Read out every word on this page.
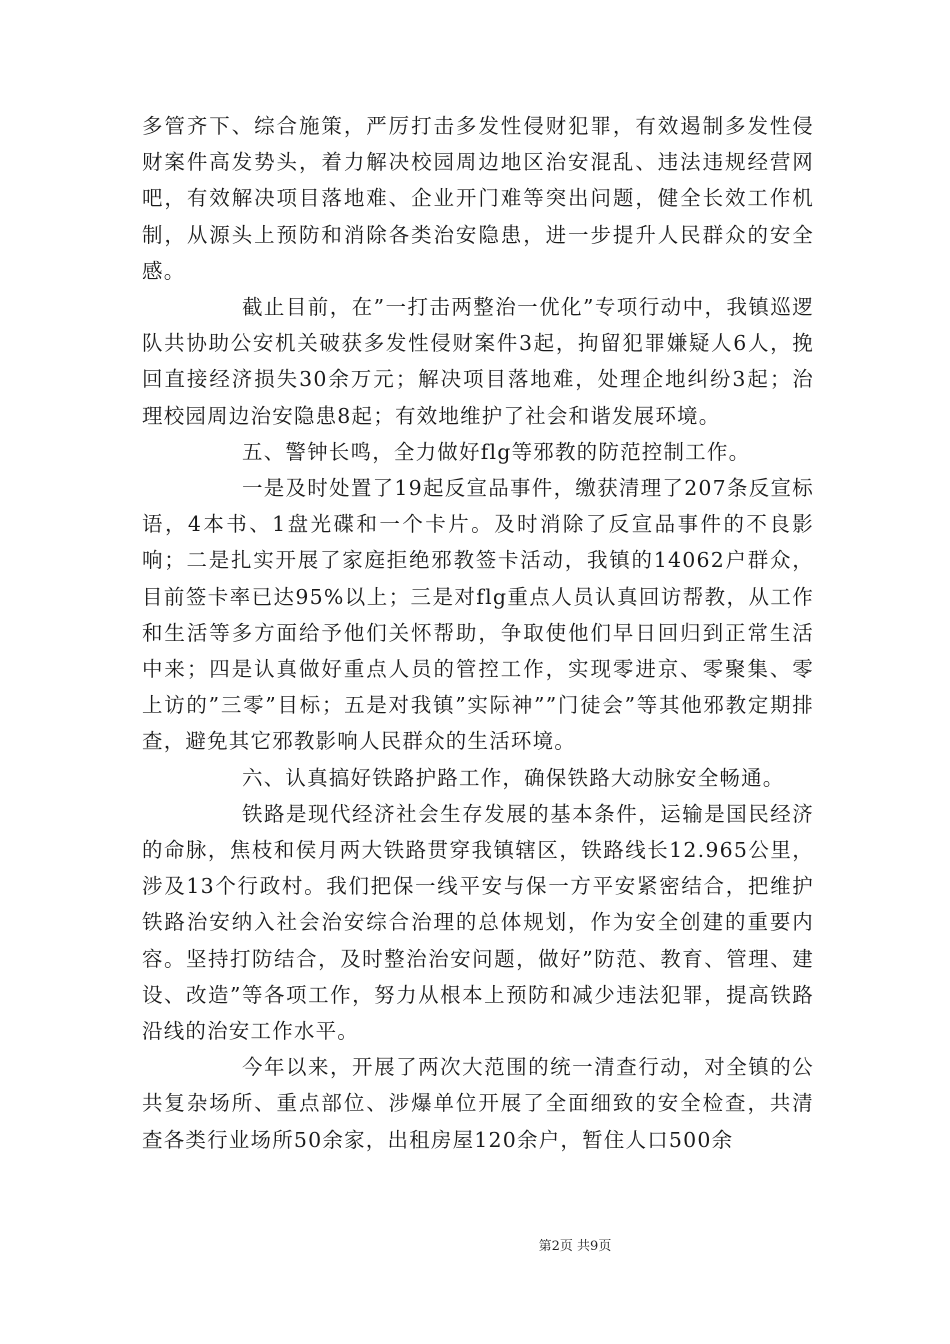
多管齐下、综合施策，严厉打击多发性侵财犯罪，有效遏制多发性侵财案件高发势头，着力解决校园周边地区治安混乱、违法违规经营网吧，有效解决项目落地难、企业开门难等突出问题，健全长效工作机制，从源头上预防和消除各类治安隐患，进一步提升人民群众的安全感。

截止目前，在”一打击两整治一优化”专项行动中，我镇巡逻队共协助公安机关破获多发性侵财案件3起，拘留犯罪嫌疑人6人，挽回直接经济损失30余万元；解决项目落地难，处理企地纠纷3起；治理校园周边治安隐患8起；有效地维护了社会和谐发展环境。

五、警钟长鸣，全力做好flg等邪教的防范控制工作。

一是及时处置了19起反宣品事件，缴获清理了207条反宣标语，4本书、1盘光碟和一个卡片。及时消除了反宣品事件的不良影响；二是扎实开展了家庭拒绝邪教签卡活动，我镇的14062户群众，目前签卡率已达95%以上；三是对flg重点人员认真回访帮教，从工作和生活等多方面给予他们关怀帮助，争取使他们早日回归到正常生活中来；四是认真做好重点人员的管控工作，实现零进京、零聚集、零上访的”三零”目标；五是对我镇”实际神””门徒会”等其他邪教定期排查，避免其它邪教影响人民群众的生活环境。

六、认真搞好铁路护路工作，确保铁路大动脉安全畅通。

铁路是现代经济社会生存发展的基本条件，运输是国民经济的命脉，焦枝和侯月两大铁路贯穿我镇辖区，铁路线长12.965公里，涉及13个行政村。我们把保一线平安与保一方平安紧密结合，把维护铁路治安纳入社会治安综合治理的总体规划，作为安全创建的重要内容。坚持打防结合，及时整治治安问题，做好”防范、教育、管理、建设、改造”等各项工作，努力从根本上预防和减少违法犯罪，提高铁路沿线的治安工作水平。

今年以来，开展了两次大范围的统一清查行动，对全镇的公共复杂场所、重点部位、涉爆单位开展了全面细致的安全检查，共清查各类行业场所50余家，出租房屋120余户，暂住人口500余

第2页 共9页
